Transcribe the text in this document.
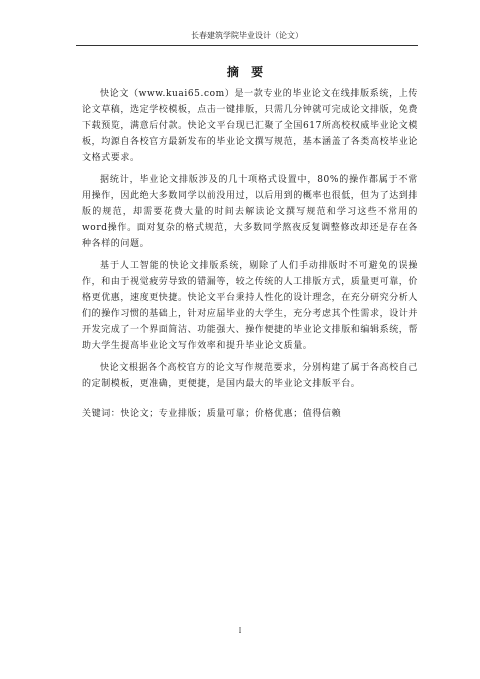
长春建筑学院毕业设计（论文）
摘 要

快论文（www.kuai65.com）是一款专业的毕业论文在线排版系统，上传论文草稿，选定学校模板，点击一键排版，只需几分钟就可完成论文排版，免费下载预览，满意后付款。快论文平台现已汇聚了全国617所高校权威毕业论文模板，均源自各校官方最新发布的毕业论文撰写规范，基本涵盖了各类高校毕业论文格式要求。

据统计，毕业论文排版涉及的几十项格式设置中，80%的操作都属于不常用操作，因此绝大多数同学以前没用过，以后用到的概率也很低，但为了达到排版的规范，却需要花费大量的时间去解读论文撰写规范和学习这些不常用的word操作。面对复杂的格式规范，大多数同学熬夜反复调整修改却还是存在各种各样的问题。

基于人工智能的快论文排版系统，剔除了人们手动排版时不可避免的误操作，和由于视觉疲劳导致的错漏等，较之传统的人工排版方式，质量更可靠，价格更优惠，速度更快捷。快论文平台秉持人性化的设计理念，在充分研究分析人们的操作习惯的基础上，针对应届毕业的大学生，充分考虑其个性需求，设计并开发完成了一个界面简洁、功能强大、操作便捷的毕业论文排版和编辑系统，帮助大学生提高毕业论文写作效率和提升毕业论文质量。

快论文根据各个高校官方的论文写作规范要求，分别构建了属于各高校自己的定制模板，更准确，更便捷，是国内最大的毕业论文排版平台。

关键词：快论文；专业排版；质量可靠；价格优惠；值得信赖

I
